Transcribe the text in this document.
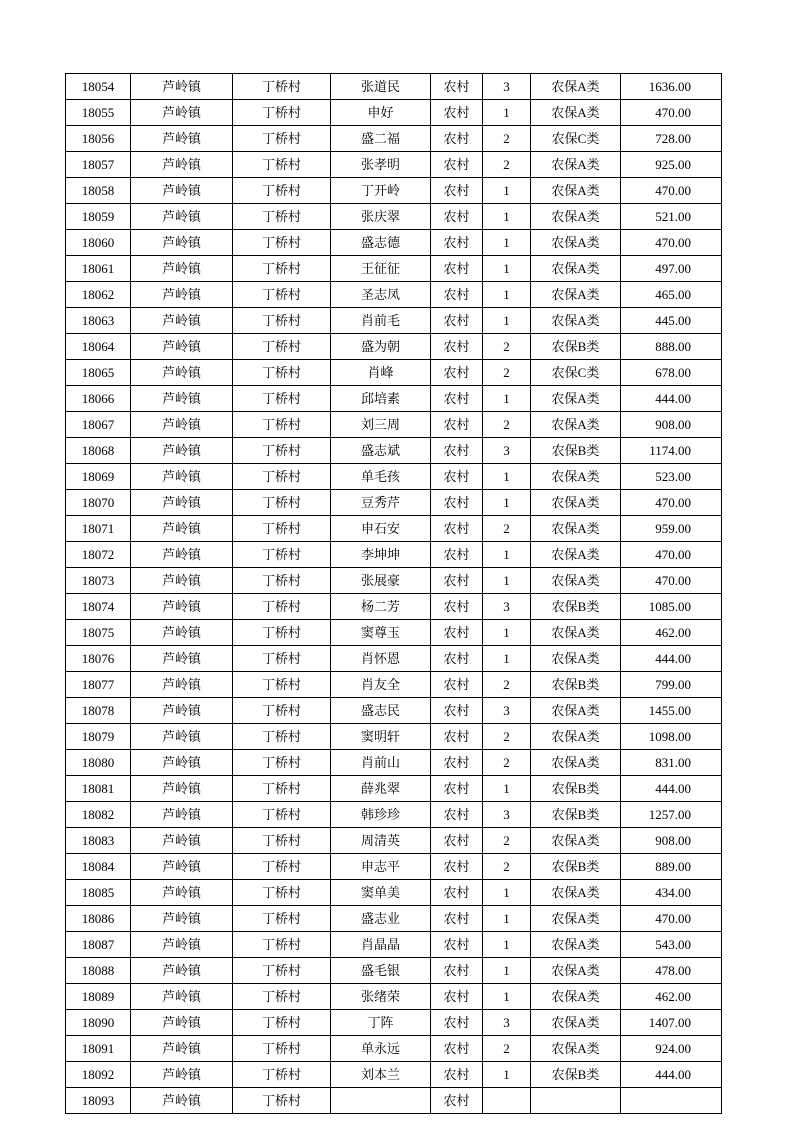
18054	芦岭镇	丁桥村	张道民	农村	3	农保A类	1636.00
18055	芦岭镇	丁桥村	申好	农村	1	农保A类	470.00
18056	芦岭镇	丁桥村	盛二福	农村	2	农保C类	728.00
18057	芦岭镇	丁桥村	张孝明	农村	2	农保A类	925.00
18058	芦岭镇	丁桥村	丁开岭	农村	1	农保A类	470.00
18059	芦岭镇	丁桥村	张庆翠	农村	1	农保A类	521.00
18060	芦岭镇	丁桥村	盛志德	农村	1	农保A类	470.00
18061	芦岭镇	丁桥村	王征征	农村	1	农保A类	497.00
18062	芦岭镇	丁桥村	圣志凤	农村	1	农保A类	465.00
18063	芦岭镇	丁桥村	肖前毛	农村	1	农保A类	445.00
18064	芦岭镇	丁桥村	盛为朝	农村	2	农保B类	888.00
18065	芦岭镇	丁桥村	肖峰	农村	2	农保C类	678.00
18066	芦岭镇	丁桥村	邱培素	农村	1	农保A类	444.00
18067	芦岭镇	丁桥村	刘三周	农村	2	农保A类	908.00
18068	芦岭镇	丁桥村	盛志斌	农村	3	农保B类	1174.00
18069	芦岭镇	丁桥村	单毛孩	农村	1	农保A类	523.00
18070	芦岭镇	丁桥村	豆秀芹	农村	1	农保A类	470.00
18071	芦岭镇	丁桥村	申石安	农村	2	农保A类	959.00
18072	芦岭镇	丁桥村	李坤坤	农村	1	农保A类	470.00
18073	芦岭镇	丁桥村	张展豪	农村	1	农保A类	470.00
18074	芦岭镇	丁桥村	杨二芳	农村	3	农保B类	1085.00
18075	芦岭镇	丁桥村	窦尊玉	农村	1	农保A类	462.00
18076	芦岭镇	丁桥村	肖怀恩	农村	1	农保A类	444.00
18077	芦岭镇	丁桥村	肖友全	农村	2	农保B类	799.00
18078	芦岭镇	丁桥村	盛志民	农村	3	农保A类	1455.00
18079	芦岭镇	丁桥村	窦明轩	农村	2	农保A类	1098.00
18080	芦岭镇	丁桥村	肖前山	农村	2	农保A类	831.00
18081	芦岭镇	丁桥村	薛兆翠	农村	1	农保B类	444.00
18082	芦岭镇	丁桥村	韩珍珍	农村	3	农保B类	1257.00
18083	芦岭镇	丁桥村	周清英	农村	2	农保A类	908.00
18084	芦岭镇	丁桥村	申志平	农村	2	农保B类	889.00
18085	芦岭镇	丁桥村	窦单美	农村	1	农保A类	434.00
18086	芦岭镇	丁桥村	盛志业	农村	1	农保A类	470.00
18087	芦岭镇	丁桥村	肖晶晶	农村	1	农保A类	543.00
18088	芦岭镇	丁桥村	盛毛银	农村	1	农保A类	478.00
18089	芦岭镇	丁桥村	张绪荣	农村	1	农保A类	462.00
18090	芦岭镇	丁桥村	丁阵	农村	3	农保A类	1407.00
18091	芦岭镇	丁桥村	单永远	农村	2	农保A类	924.00
18092	芦岭镇	丁桥村	刘本兰	农村	1	农保B类	444.00
18093	芦岭镇	丁桥村		农村			
